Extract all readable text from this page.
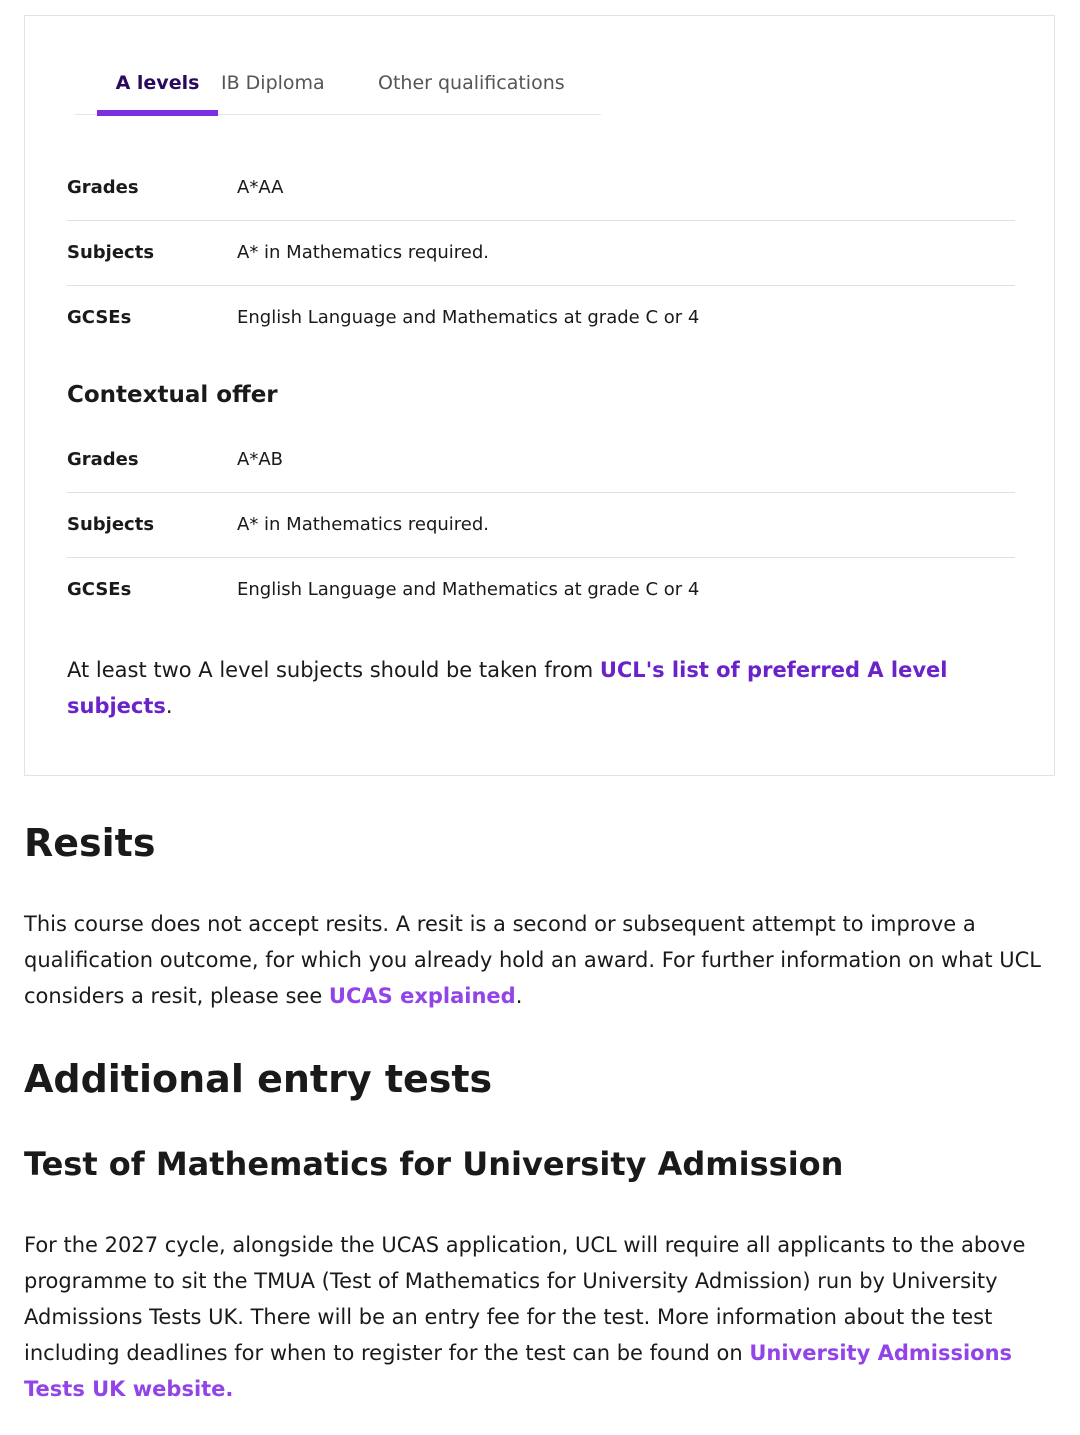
A levels	IB Diploma	Other qualifications
Grades	A*AA
Subjects	A* in Mathematics required.
GCSEs	English Language and Mathematics at grade C or 4
Contextual offer
Grades	A*AB
Subjects	A* in Mathematics required.
GCSEs	English Language and Mathematics at grade C or 4

At least two A level subjects should be taken from UCL's list of preferred A level subjects.

Resits

This course does not accept resits. A resit is a second or subsequent attempt to improve a qualification outcome, for which you already hold an award. For further information on what UCL considers a resit, please see UCAS explained.

Additional entry tests
Test of Mathematics for University Admission

For the 2027 cycle, alongside the UCAS application, UCL will require all applicants to the above programme to sit the TMUA (Test of Mathematics for University Admission) run by University Admissions Tests UK. There will be an entry fee for the test. More information about the test including deadlines for when to register for the test can be found on University Admissions Tests UK website.
